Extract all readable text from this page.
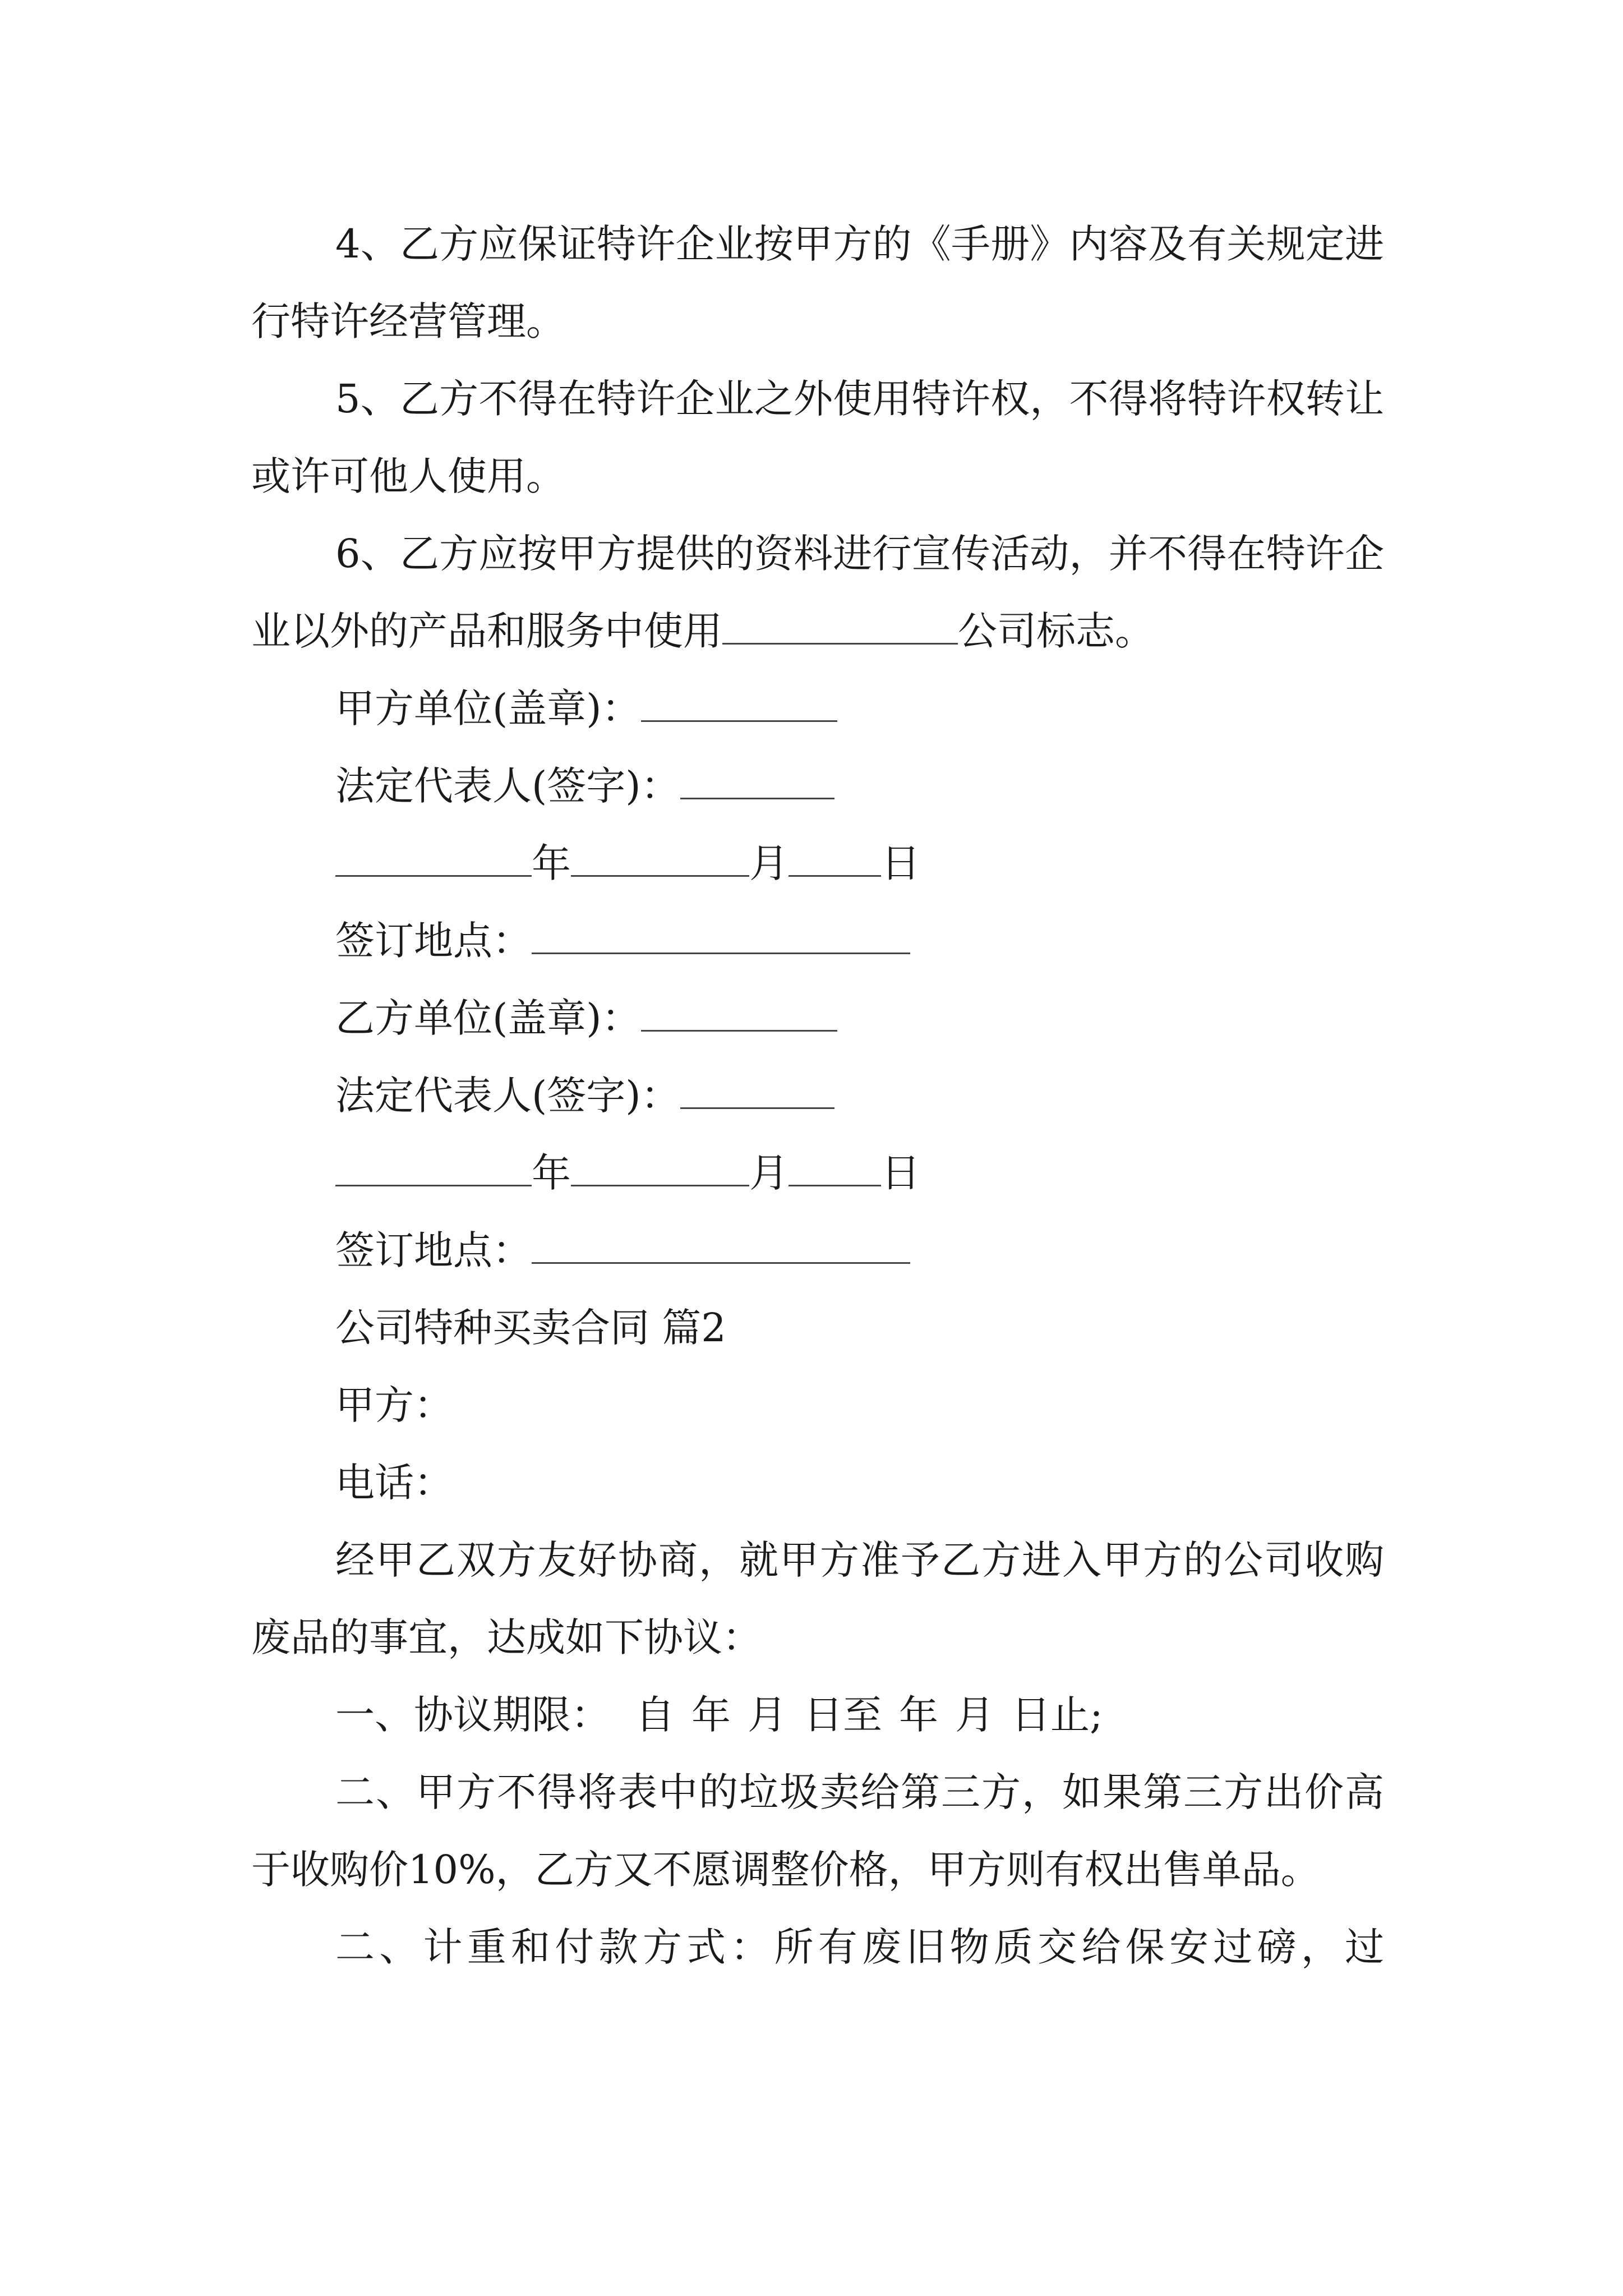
4、乙方应保证特许企业按甲方的《手册》内容及有关规定进行特许经营管理。

5、乙方不得在特许企业之外使用特许权，不得将特许权转让或许可他人使用。

6、乙方应按甲方提供的资料进行宣传活动，并不得在特许企业以外的产品和服务中使用	公司标志。

甲方单位(盖章)：

法定代表人(签字)：

年	月 日

签订地点：

乙方单位(盖章)：

法定代表人(签字)：

年	月 日

签订地点：

公司特种买卖合同 篇2

甲方：

电话：

经甲乙双方友好协商，就甲方准予乙方进入甲方的公司收购废品的事宜，达成如下协议：

一、协议期限： 自 年 月 日至 年 月 日止;

二、甲方不得将表中的垃圾卖给第三方，如果第三方出价高于收购价10%，乙方又不愿调整价格，甲方则有权出售单品。

二、计重和付款方式：所有废旧物质交给保安过磅，过
